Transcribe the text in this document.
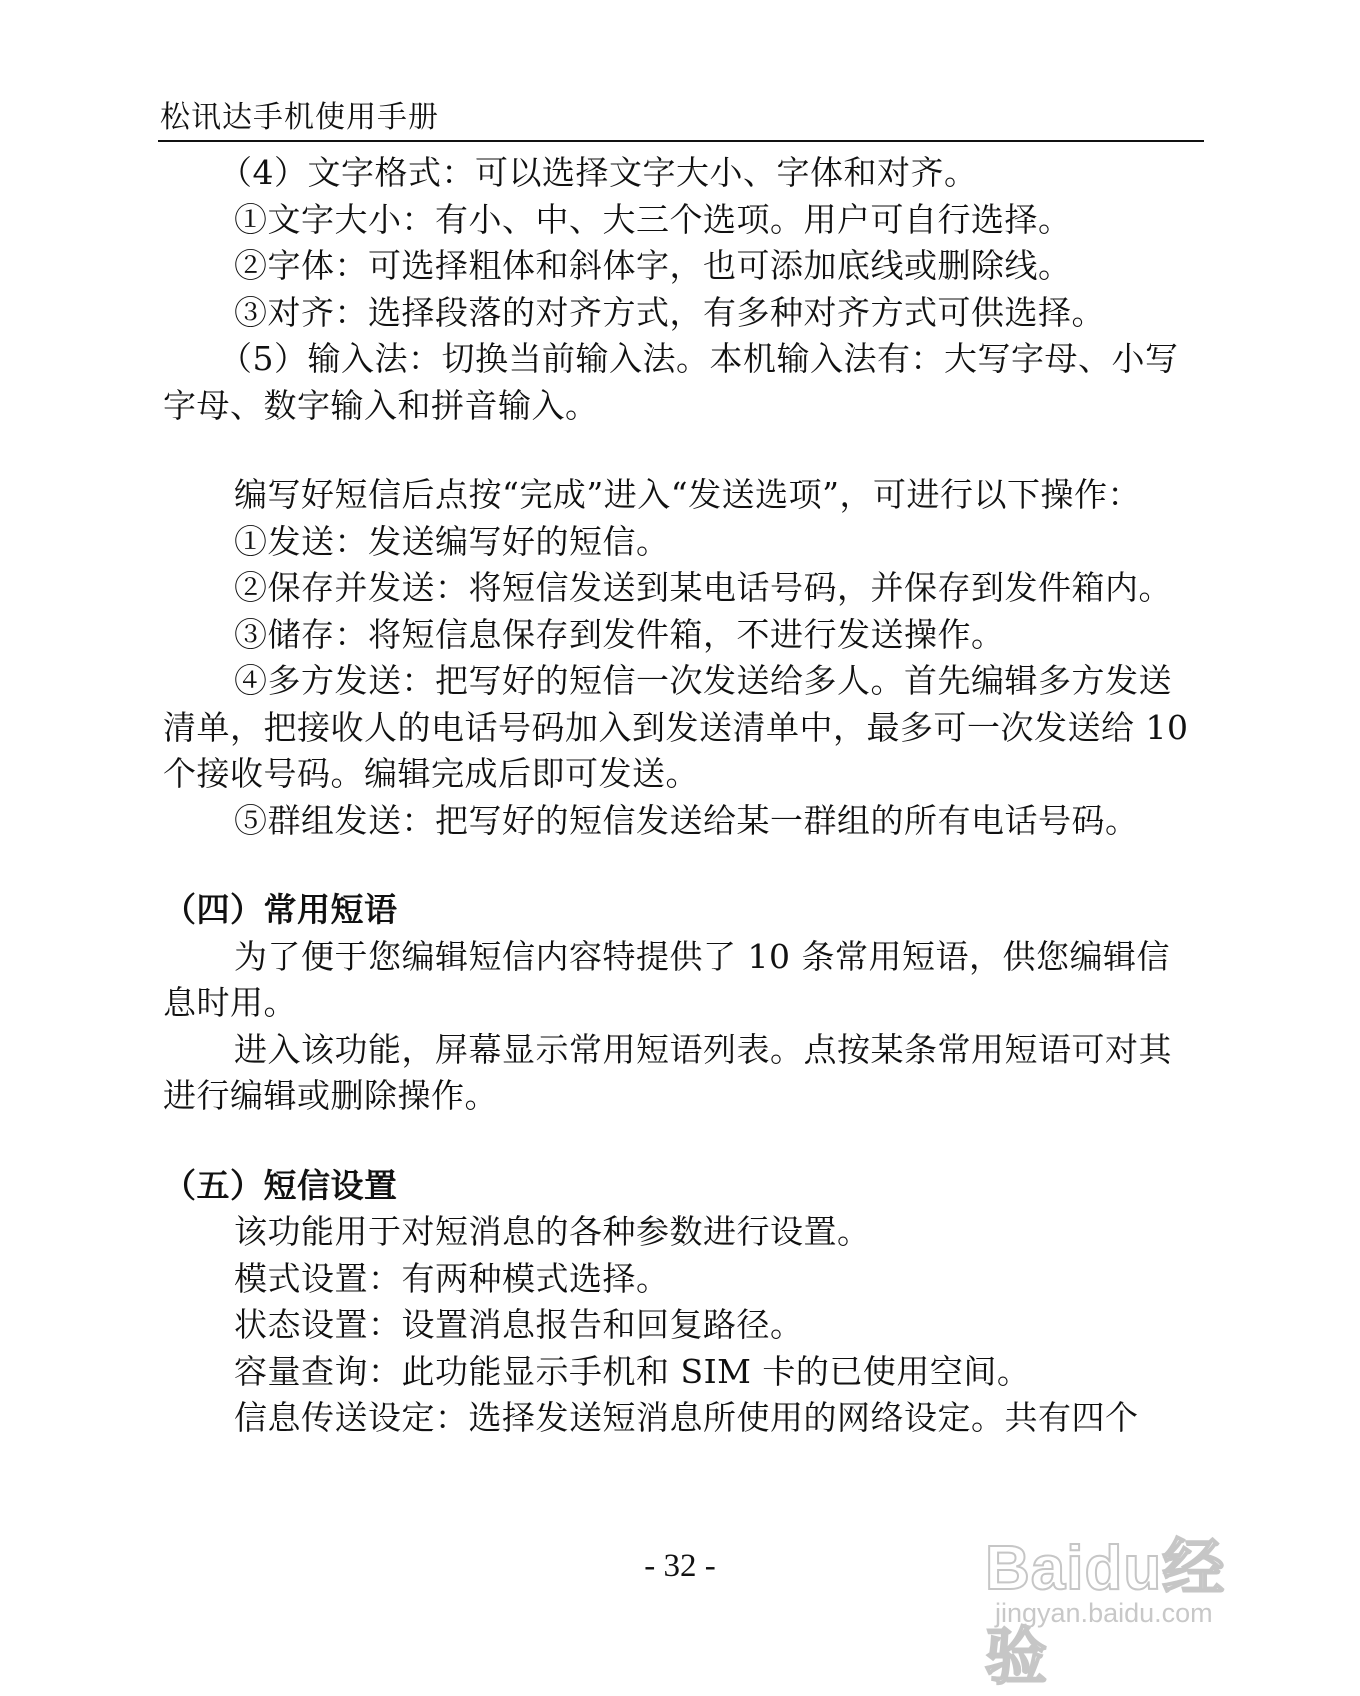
松讯达手机使用手册

（4）文字格式：可以选择文字大小、字体和对齐。

①文字大小：有小、中、大三个选项。用户可自行选择。

②字体：可选择粗体和斜体字，也可添加底线或删除线。

③对齐：选择段落的对齐方式，有多种对齐方式可供选择。

（5）输入法：切换当前输入法。本机输入法有：大写字母、小写字母、数字输入和拼音输入。

编写好短信后点按“完成”进入“发送选项”，可进行以下操作：

①发送：发送编写好的短信。

②保存并发送：将短信发送到某电话号码，并保存到发件箱内。

③储存：将短信息保存到发件箱，不进行发送操作。

④多方发送：把写好的短信一次发送给多人。首先编辑多方发送清单，把接收人的电话号码加入到发送清单中，最多可一次发送给 10 个接收号码。编辑完成后即可发送。

⑤群组发送：把写好的短信发送给某一群组的所有电话号码。

（四）常用短语

为了便于您编辑短信内容特提供了 10 条常用短语，供您编辑信息时用。

进入该功能，屏幕显示常用短语列表。点按某条常用短语可对其进行编辑或删除操作。

（五）短信设置

该功能用于对短消息的各种参数进行设置。

模式设置：有两种模式选择。

状态设置：设置消息报告和回复路径。

容量查询：此功能显示手机和 SIM 卡的已使用空间。

信息传送设定：选择发送短消息所使用的网络设定。共有四个

- 32 -	Baidu经验
jingyan.baidu.com
